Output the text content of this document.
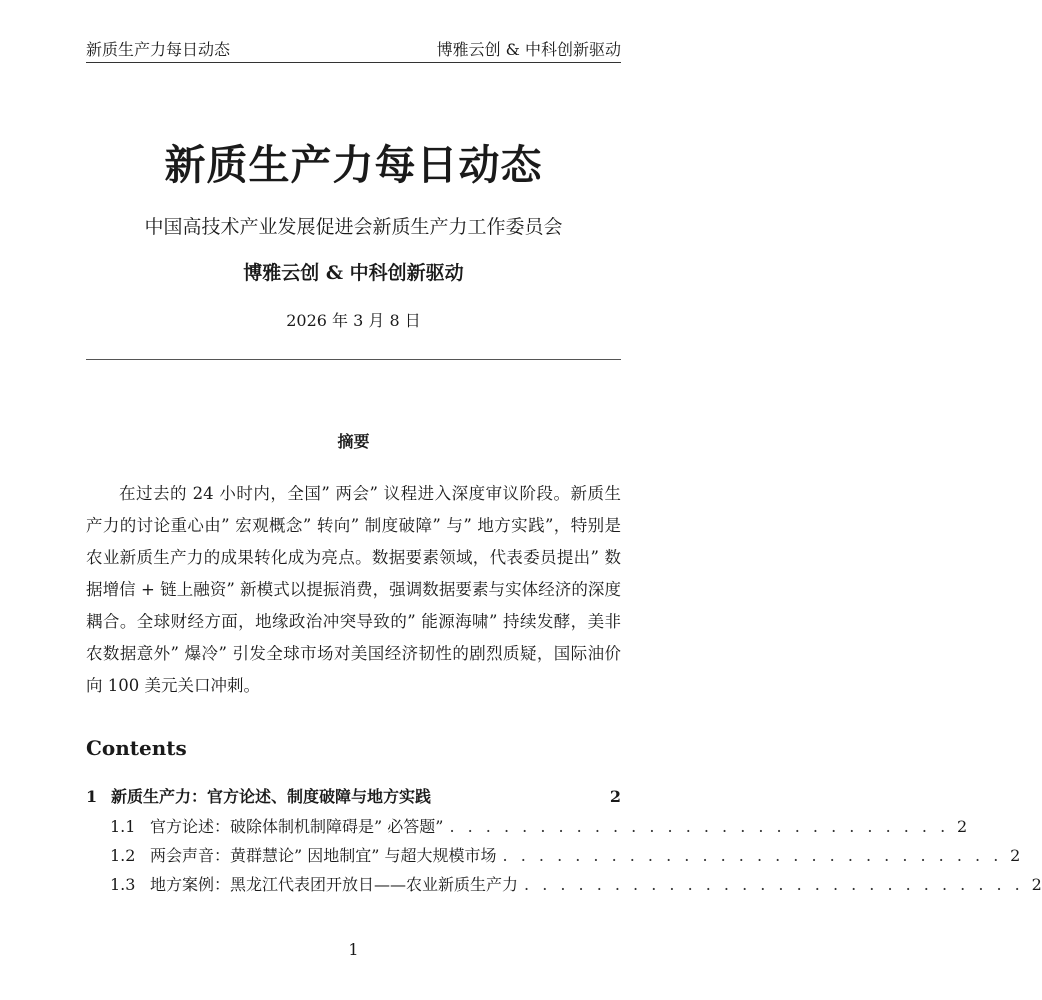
新质生产力每日动态	博雅云创 & 中科创新驱动
新质生产力每日动态
中国高技术产业发展促进会新质生产力工作委员会
博雅云创 & 中科创新驱动
2026 年 3 月 8 日
摘要
在过去的 24 小时内，全国” 两会” 议程进入深度审议阶段。新质生产力的讨论重心由” 宏观概念” 转向” 制度破障” 与” 地方实践”，特别是农业新质生产力的成果转化成为亮点。数据要素领域，代表委员提出” 数据增信 + 链上融资” 新模式以提振消费，强调数据要素与实体经济的深度耦合。全球财经方面，地缘政治冲突导致的” 能源海啸” 持续发酵，美非农数据意外” 爆冷” 引发全球市场对美国经济韧性的剧烈质疑，国际油价向 100 美元关口冲刺。
Contents
1 新质生产力：官方论述、制度破障与地方实践	2
1.1 官方论述：破除体制机制障碍是” 必答题” . . . . . . . . . . . . . . . . . . . . . . . . . . . . 2
1.2 两会声音：黄群慧论” 因地制宜” 与超大规模市场 . . . . . . . . . . . . . . . . . . . . . . . . . . . . 2
1.3 地方案例：黑龙江代表团开放日——农业新质生产力 . . . . . . . . . . . . . . . . . . . . . . . . . . . . 2
1
